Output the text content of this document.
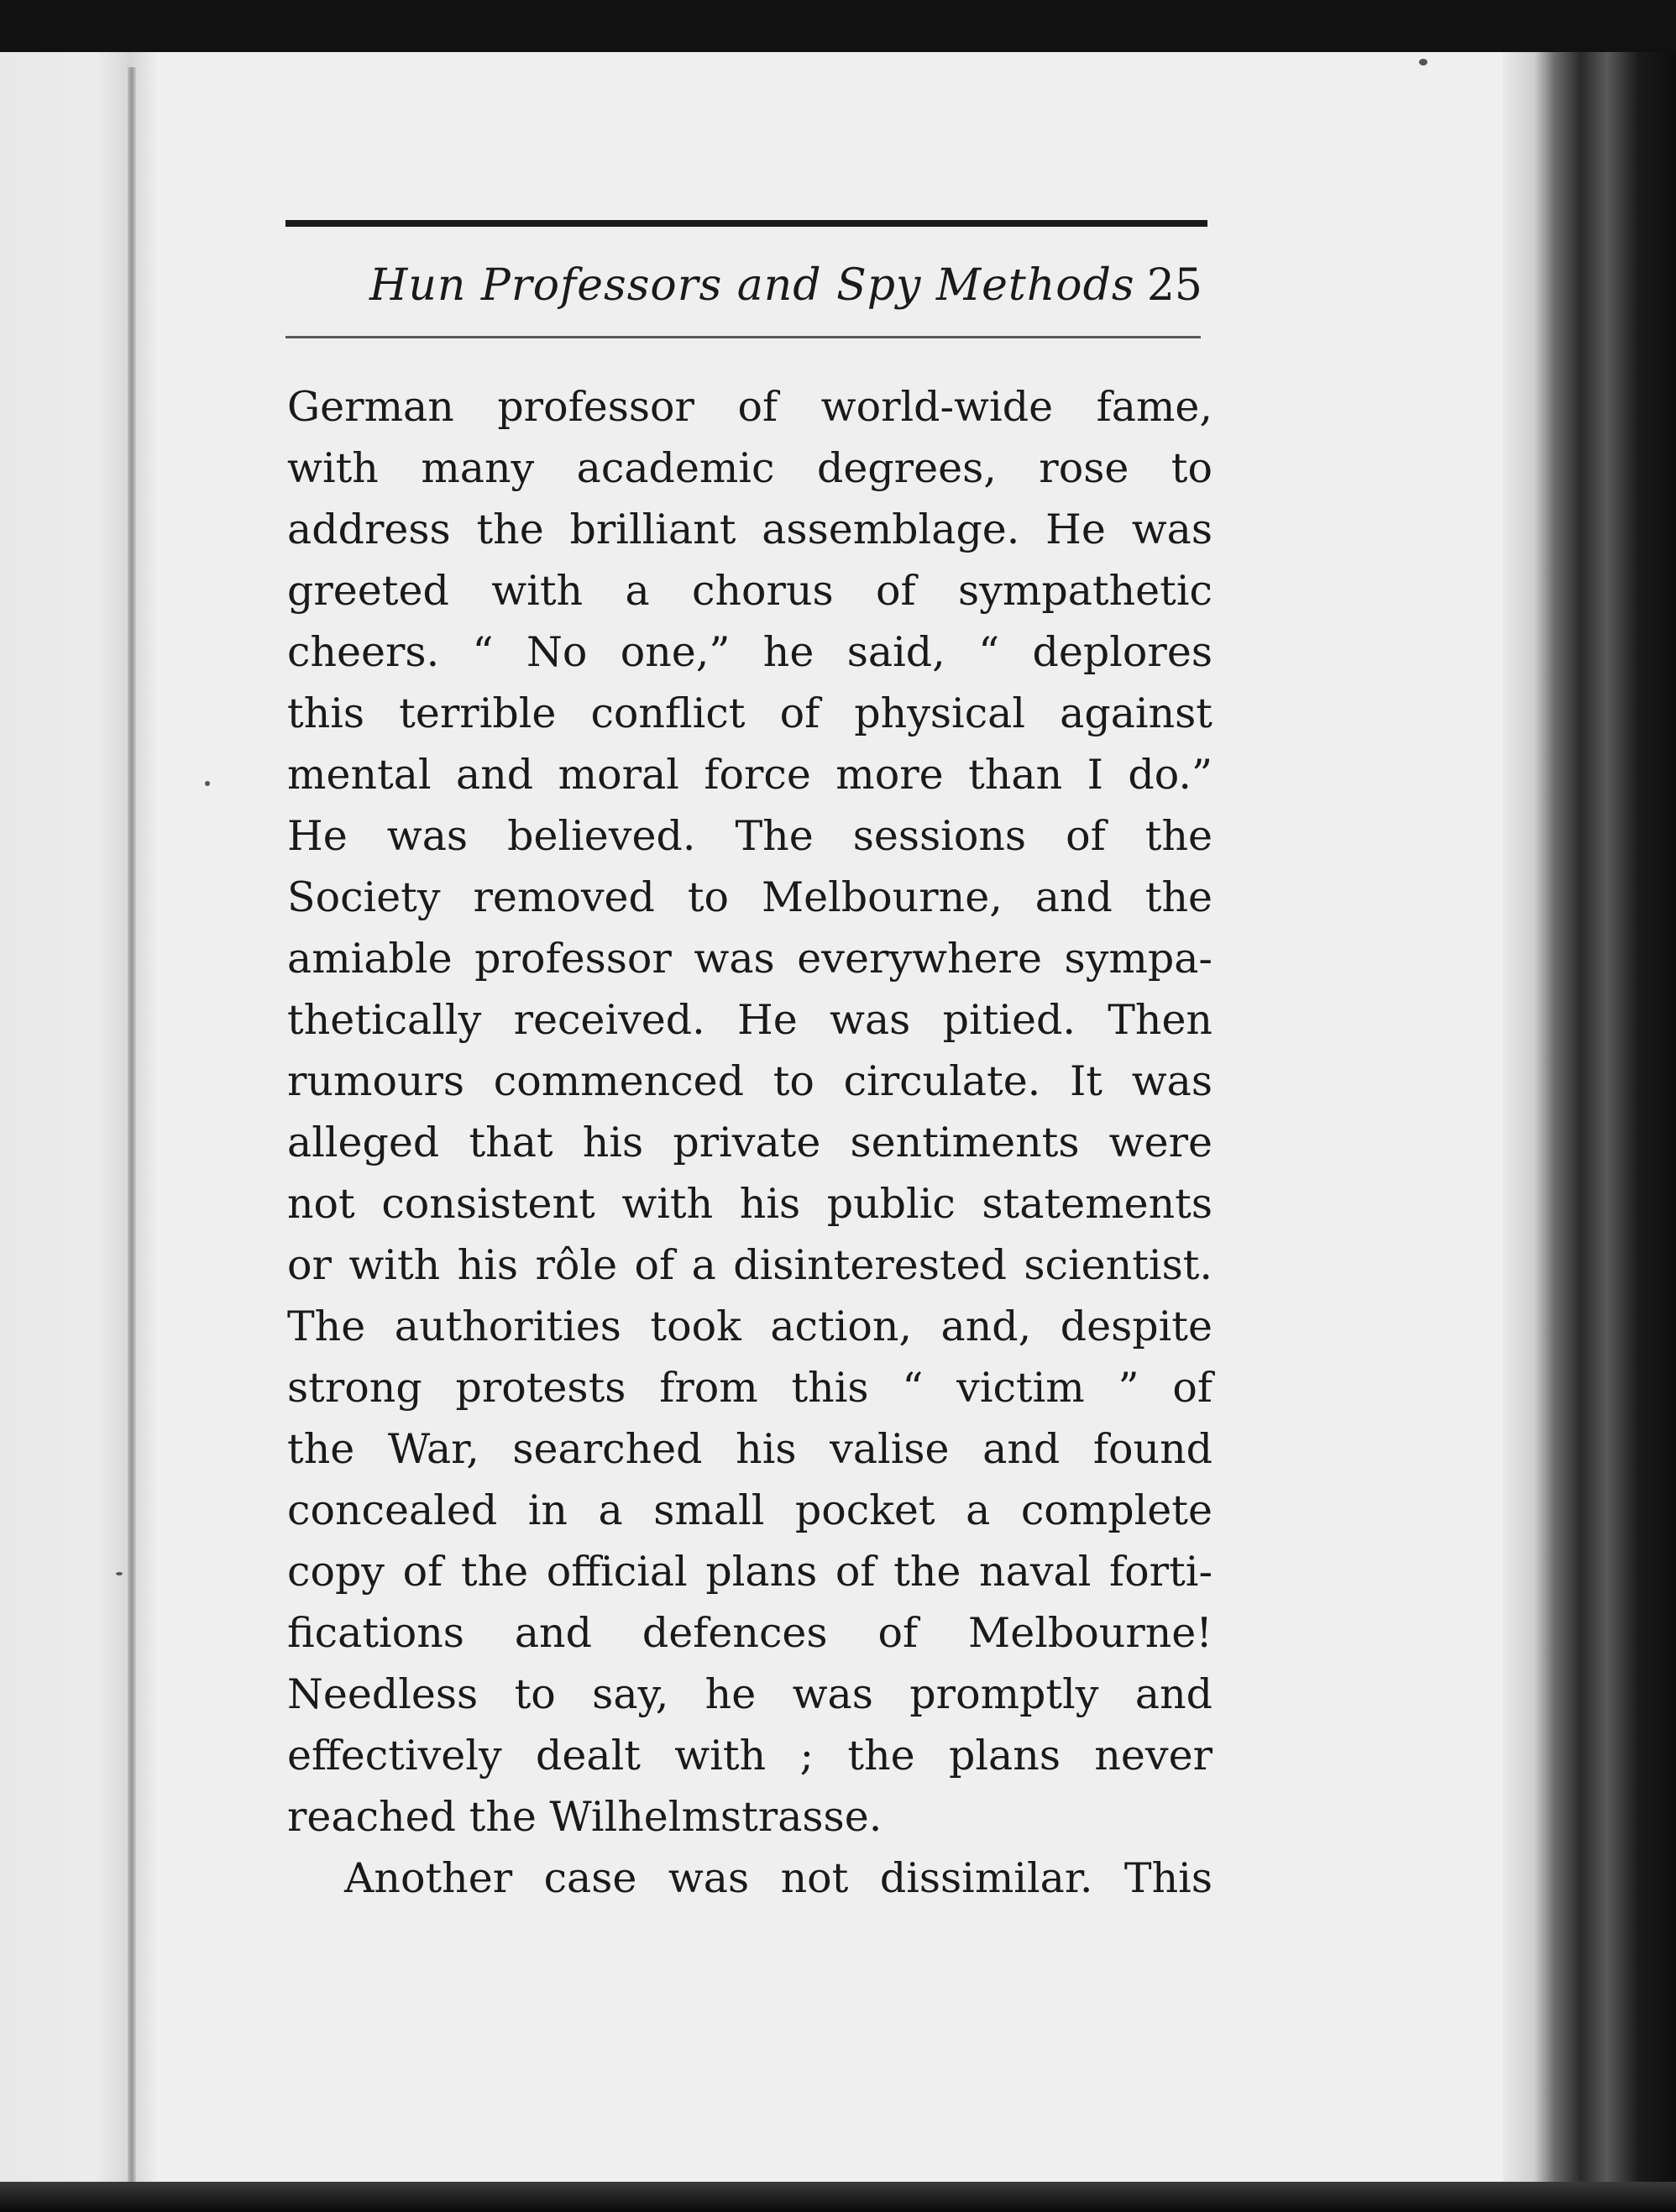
Hun Professors and Spy Methods 25
German professor of world-wide fame,
with many academic degrees, rose to
address the brilliant assemblage. He was
greeted with a chorus of sympathetic
cheers. “ No one,” he said, “ deplores
this terrible conflict of physical against
mental and moral force more than I do.”
He was believed. The sessions of the
Society removed to Melbourne, and the
amiable professor was everywhere sympa-
thetically received. He was pitied. Then
rumours commenced to circulate. It was
alleged that his private sentiments were
not consistent with his public statements
or with his rôle of a disinterested scientist.
The authorities took action, and, despite
strong protests from this “ victim ” of
the War, searched his valise and found
concealed in a small pocket a complete
copy of the official plans of the naval forti-
fications and defences of Melbourne!
Needless to say, he was promptly and
effectively dealt with ; the plans never
reached the Wilhelmstrasse.
Another case was not dissimilar. This
